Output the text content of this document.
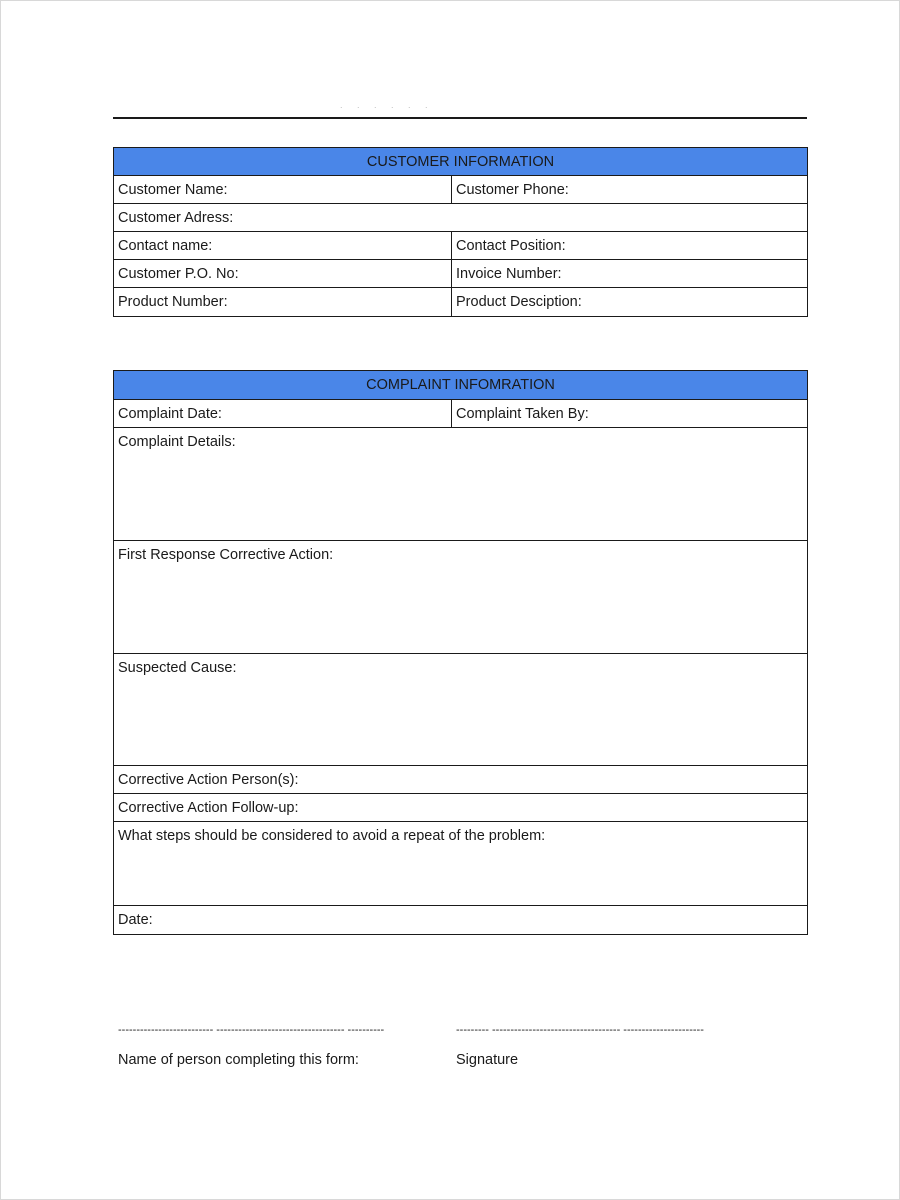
. . . . . .
CUSTOMER INFORMATION	
Customer Name:	Customer Phone:
Customer Adress:	
Contact name:	Contact Position:
Customer P.O. No:	Invoice Number:
Product Number:	Product Desciption:
COMPLAINT INFOMRATION
Complaint Date:	Complaint Taken By:
Complaint Details:
First Response Corrective Action:
Suspected Cause:
Corrective Action Person(s):
Corrective Action Follow-up:
What steps should be considered to avoid a repeat of the problem:
Date:
-------------------------- ----------------------------------- ----------	--------- ----------------------------------- ----------------------
Name of person completing this form:	Signature
